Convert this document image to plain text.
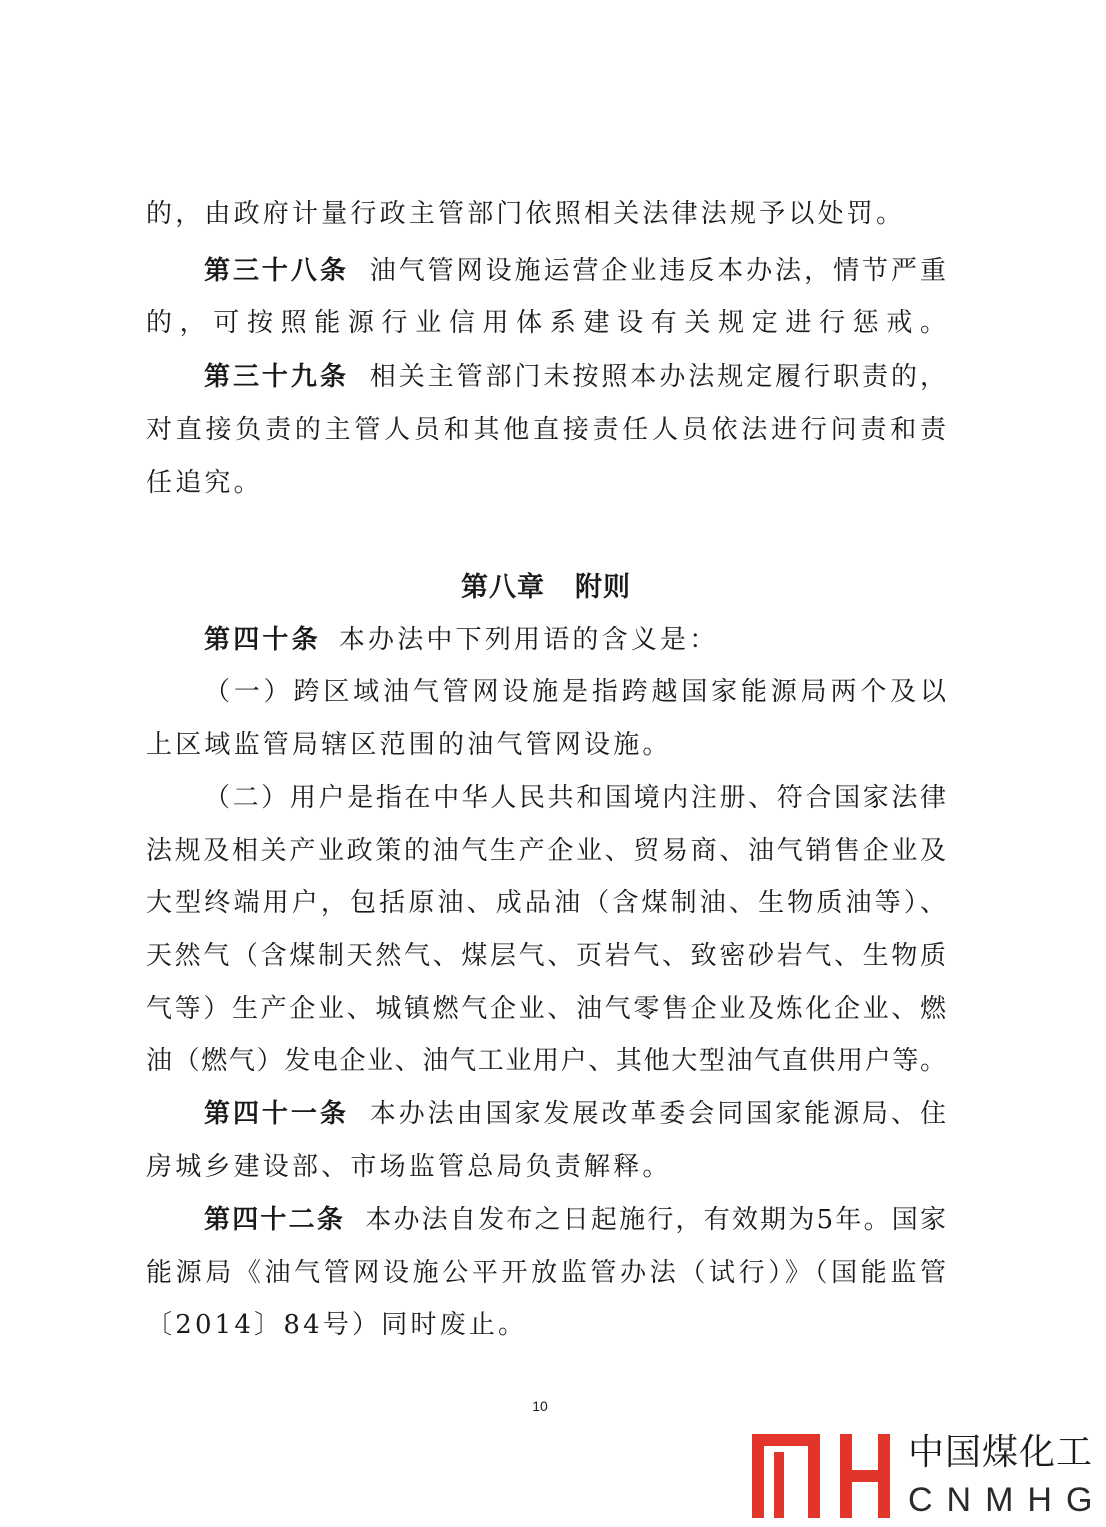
的，由政府计量行政主管部门依照相关法律法规予以处罚。
第三十八条 油气管网设施运营企业违反本办法，情节严重
的，可按照能源行业信用体系建设有关规定进行惩戒。
第三十九条 相关主管部门未按照本办法规定履行职责的，
对直接负责的主管人员和其他直接责任人员依法进行问责和责
任追究。
第八章 附则
第四十条 本办法中下列用语的含义是：
（一）跨区域油气管网设施是指跨越国家能源局两个及以
上区域监管局辖区范围的油气管网设施。
（二）用户是指在中华人民共和国境内注册、符合国家法律
法规及相关产业政策的油气生产企业、贸易商、油气销售企业及
大型终端用户，包括原油、成品油（含煤制油、生物质油等）、
天然气（含煤制天然气、煤层气、页岩气、致密砂岩气、生物质
气等）生产企业、城镇燃气企业、油气零售企业及炼化企业、燃
油（燃气）发电企业、油气工业用户、其他大型油气直供用户等。
第四十一条 本办法由国家发展改革委会同国家能源局、住
房城乡建设部、市场监管总局负责解释。
第四十二条 本办法自发布之日起施行，有效期为5年。国家
能源局《油气管网设施公平开放监管办法（试行）》（国能监管
〔2014〕84号）同时废止。
10
中国煤化工
CNMHG
